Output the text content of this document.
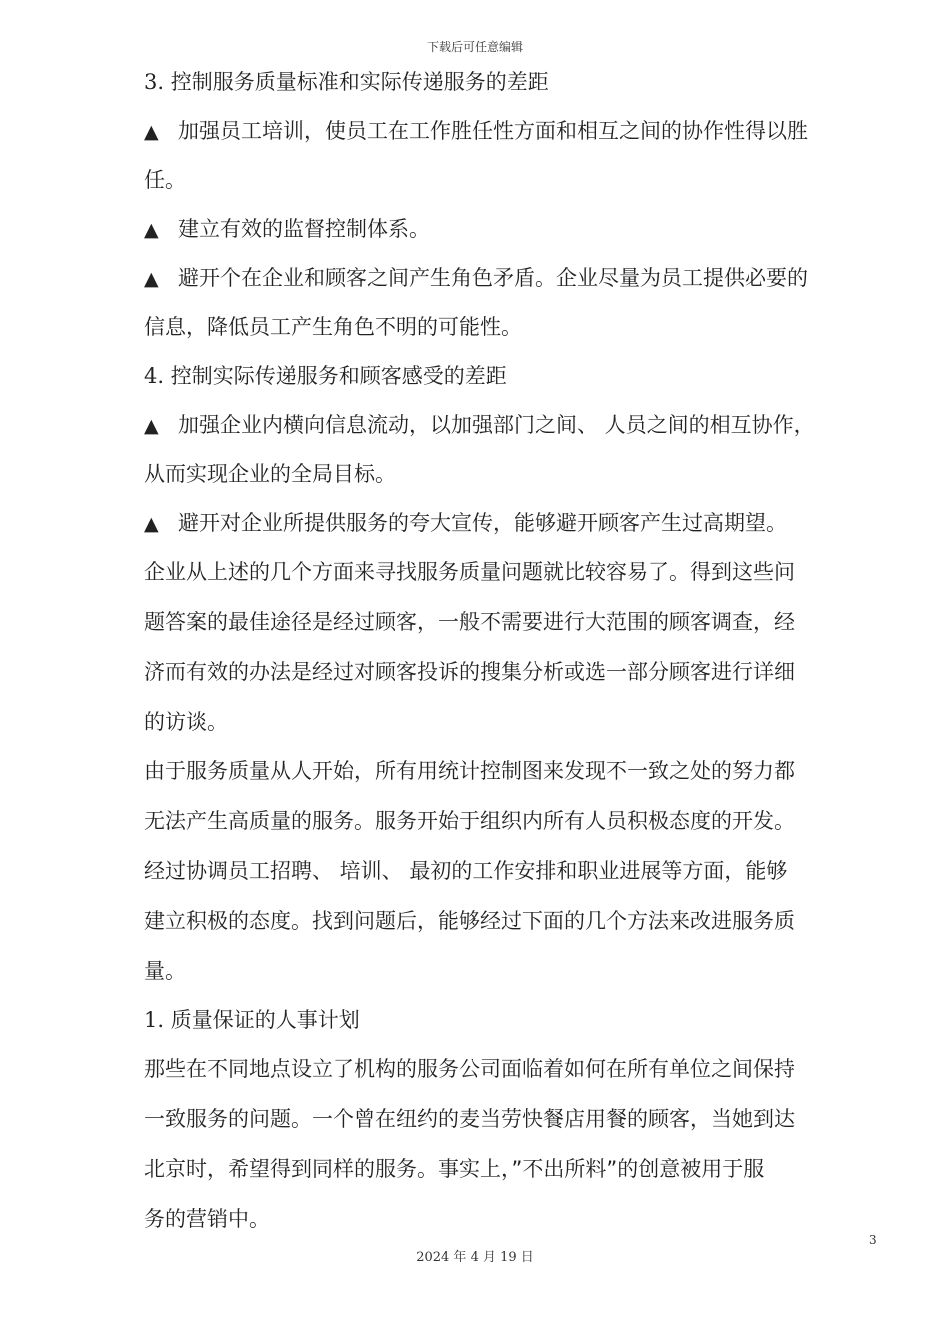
下载后可任意编辑
3. 控制服务质量标准和实际传递服务的差距
▲ 加强员工培训，使员工在工作胜任性方面和相互之间的协作性得以胜
任。
▲ 建立有效的监督控制体系。
▲ 避开个在企业和顾客之间产生角色矛盾。企业尽量为员工提供必要的
信息，降低员工产生角色不明的可能性。
4. 控制实际传递服务和顾客感受的差距
▲ 加强企业内横向信息流动，以加强部门之间、 人员之间的相互协作，
从而实现企业的全局目标。
▲ 避开对企业所提供服务的夸大宣传，能够避开顾客产生过高期望。
企业从上述的几个方面来寻找服务质量问题就比较容易了。得到这些问
题答案的最佳途径是经过顾客，一般不需要进行大范围的顾客调查，经
济而有效的办法是经过对顾客投诉的搜集分析或选一部分顾客进行详细
的访谈。
由于服务质量从人开始，所有用统计控制图来发现不一致之处的努力都
无法产生高质量的服务。服务开始于组织内所有人员积极态度的开发。
经过协调员工招聘、 培训、 最初的工作安排和职业进展等方面，能够
建立积极的态度。找到问题后，能够经过下面的几个方法来改进服务质
量。
1. 质量保证的人事计划
那些在不同地点设立了机构的服务公司面临着如何在所有单位之间保持
一致服务的问题。一个曾在纽约的麦当劳快餐店用餐的顾客，当她到达
北京时，希望得到同样的服务。事实上，”不出所料”的创意被用于服
务的营销中。
3
2024 年 4 月 19 日
